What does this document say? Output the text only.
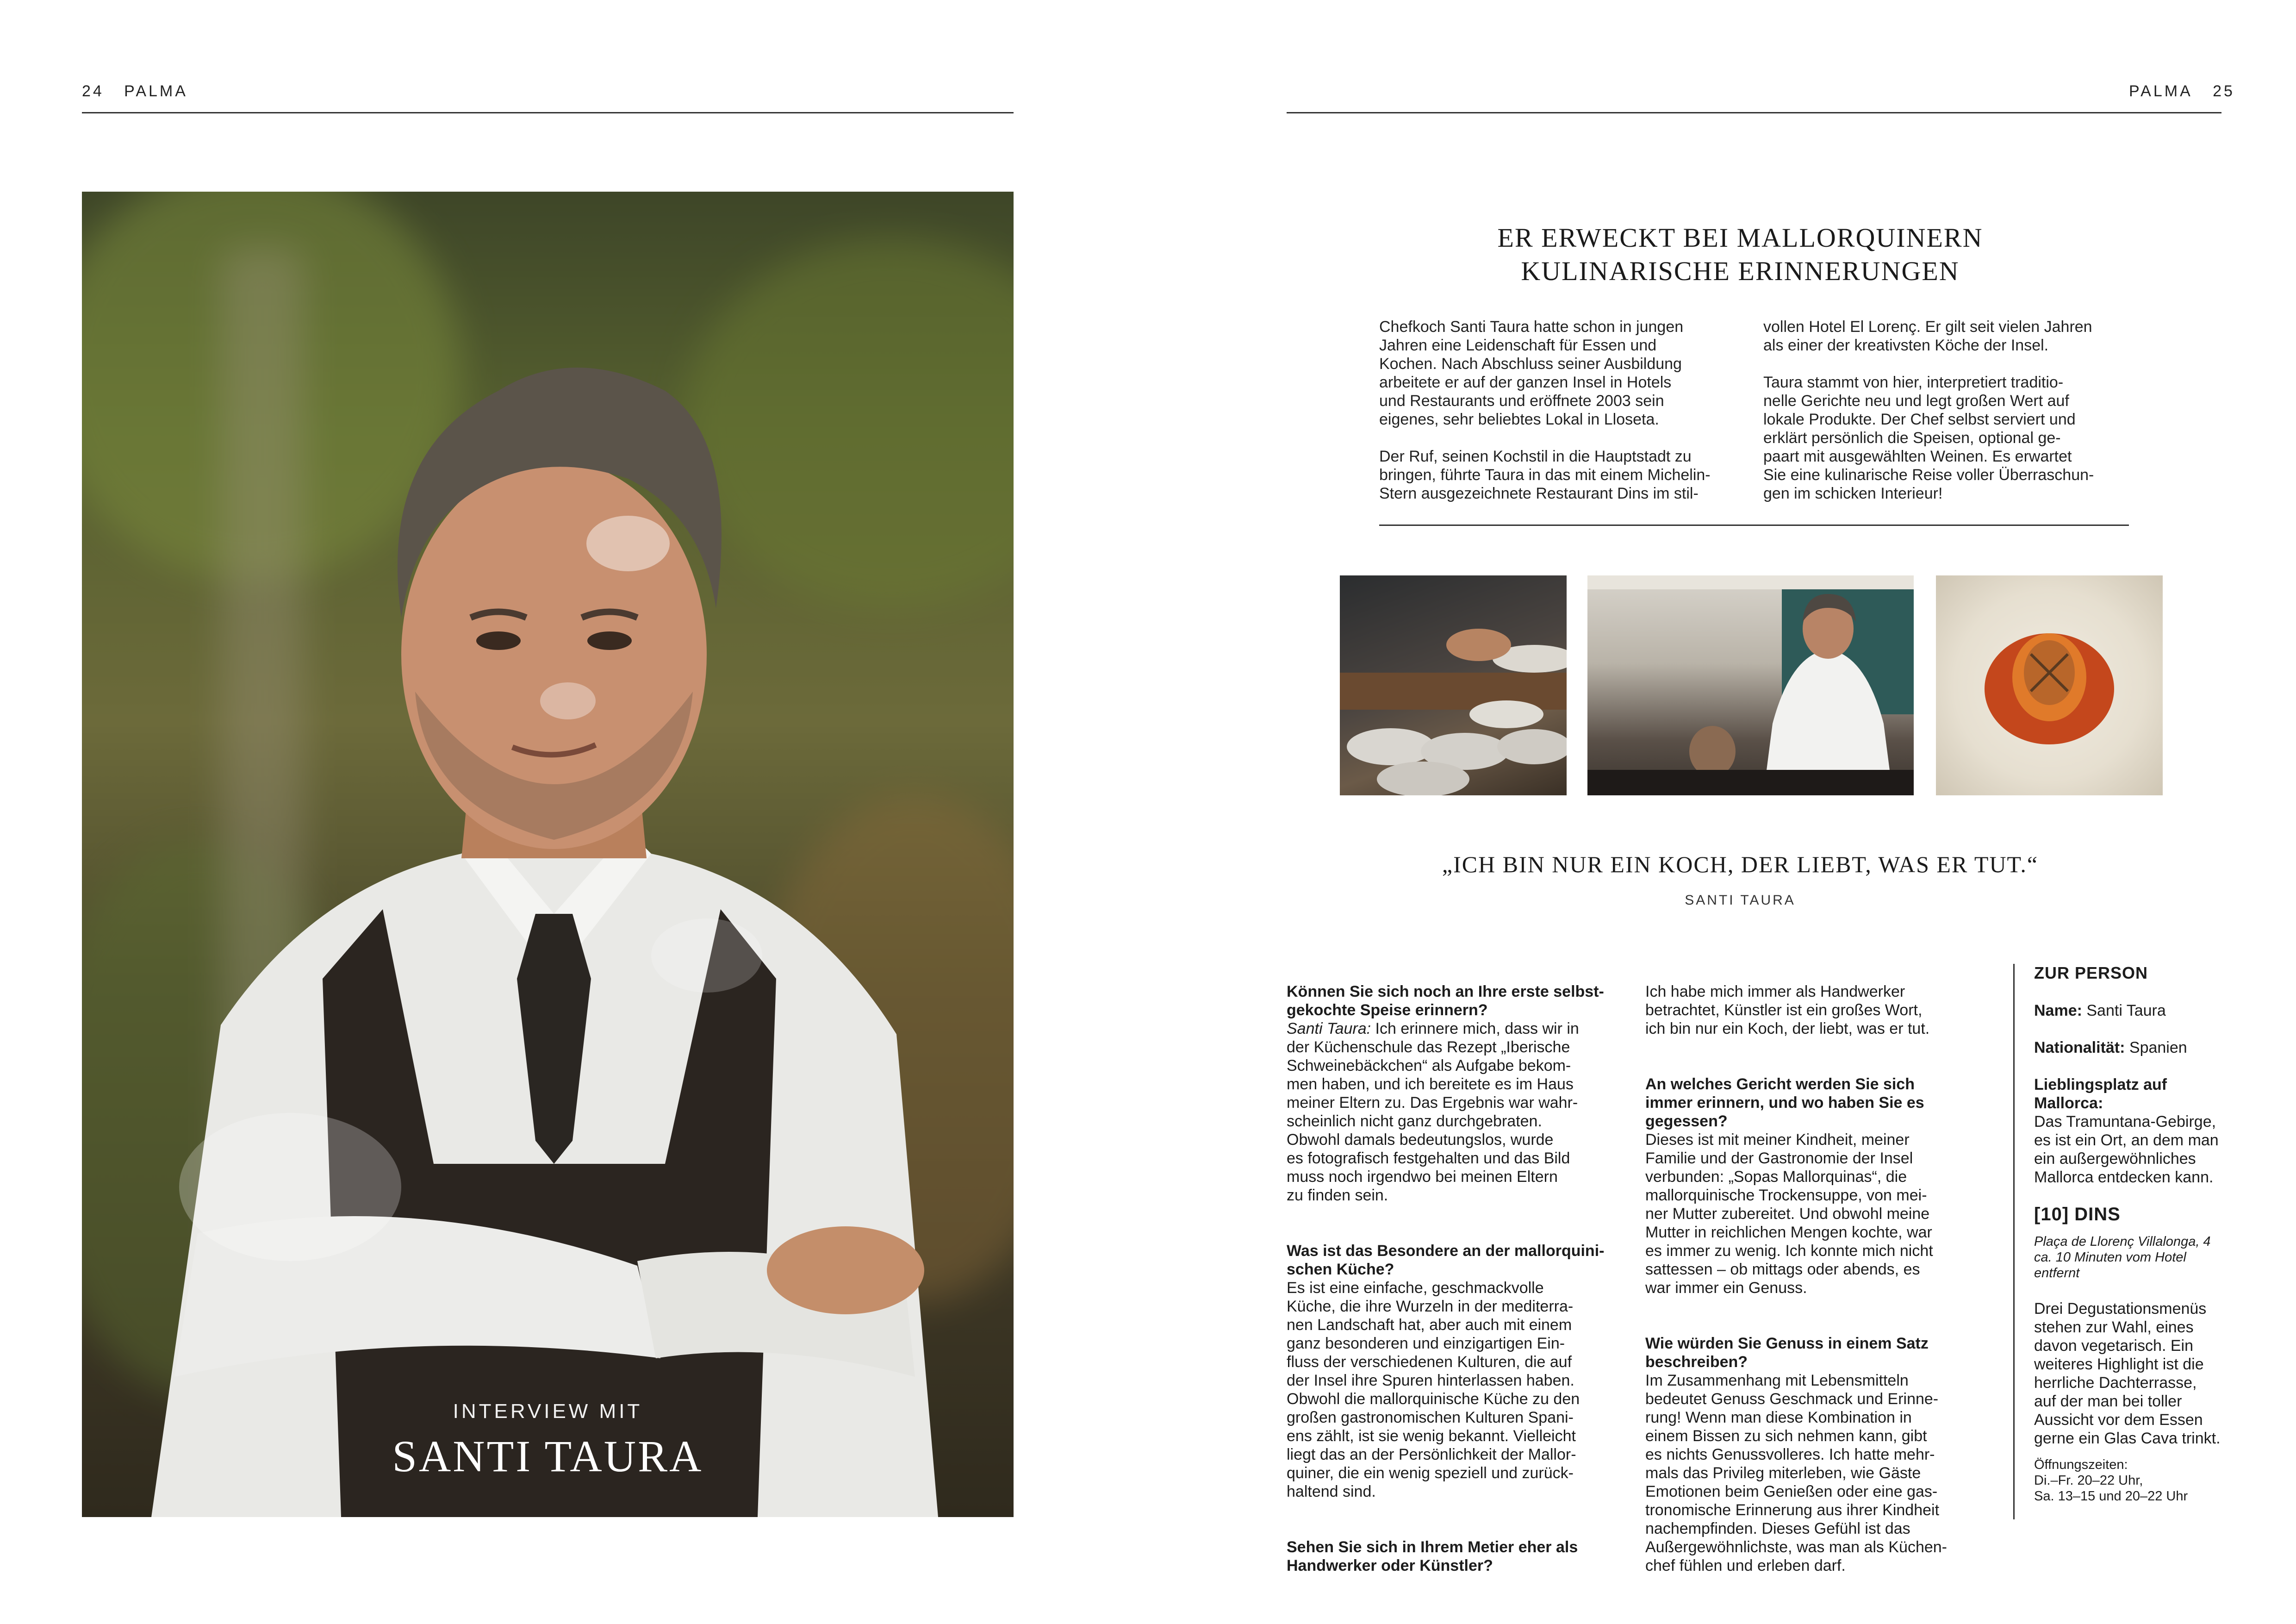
24 PALMA
INTERVIEW MIT
SANTI TAURA
PALMA 25
ER ERWECKT BEI MALLORQUINERN
KULINARISCHE ERINNERUNGEN
Chefkoch Santi Taura hatte schon in jungen
Jahren eine Leidenschaft für Essen und
Kochen. Nach Abschluss seiner Ausbildung
arbeitete er auf der ganzen Insel in Hotels
und Restaurants und eröffnete 2003 sein
eigenes, sehr beliebtes Lokal in Lloseta.

Der Ruf, seinen Kochstil in die Hauptstadt zu
bringen, führte Taura in das mit einem Michelin-
Stern ausgezeichnete Restaurant Dins im stil-
vollen Hotel El Lorenç. Er gilt seit vielen Jahren
als einer der kreativsten Köche der Insel.

Taura stammt von hier, interpretiert traditio-
nelle Gerichte neu und legt großen Wert auf
lokale Produkte. Der Chef selbst serviert und
erklärt persönlich die Speisen, optional ge-
paart mit ausgewählten Weinen. Es erwartet
Sie eine kulinarische Reise voller Überraschun-
gen im schicken Interieur!
„ICH BIN NUR EIN KOCH, DER LIEBT, WAS ER TUT.“
SANTI TAURA

Können Sie sich noch an Ihre erste selbst-
gekochte Speise erinnern?
Santi Taura: Ich erinnere mich, dass wir in
der Küchenschule das Rezept „Iberische
Schweinebäckchen“ als Aufgabe bekom-
men haben, und ich bereitete es im Haus
meiner Eltern zu. Das Ergebnis war wahr-
scheinlich nicht ganz durchgebraten.
Obwohl damals bedeutungslos, wurde
es fotografisch festgehalten und das Bild
muss noch irgendwo bei meinen Eltern
zu finden sein.

Was ist das Besondere an der mallorquini-
schen Küche?
Es ist eine einfache, geschmackvolle
Küche, die ihre Wurzeln in der mediterra-
nen Landschaft hat, aber auch mit einem
ganz besonderen und einzigartigen Ein-
fluss der verschiedenen Kulturen, die auf
der Insel ihre Spuren hinterlassen haben.
Obwohl die mallorquinische Küche zu den
großen gastronomischen Kulturen Spani-
ens zählt, ist sie wenig bekannt. Vielleicht
liegt das an der Persönlichkeit der Mallor-
quiner, die ein wenig speziell und zurück-
haltend sind.

Sehen Sie sich in Ihrem Metier eher als
Handwerker oder Künstler?

Ich habe mich immer als Handwerker
betrachtet, Künstler ist ein großes Wort,
ich bin nur ein Koch, der liebt, was er tut.

An welches Gericht werden Sie sich
immer erinnern, und wo haben Sie es
gegessen?
Dieses ist mit meiner Kindheit, meiner
Familie und der Gastronomie der Insel
verbunden: „Sopas Mallorquinas“, die
mallorquinische Trockensuppe, von mei-
ner Mutter zubereitet. Und obwohl meine
Mutter in reichlichen Mengen kochte, war
es immer zu wenig. Ich konnte mich nicht
sattessen – ob mittags oder abends, es
war immer ein Genuss.

Wie würden Sie Genuss in einem Satz
beschreiben?
Im Zusammenhang mit Lebensmitteln
bedeutet Genuss Geschmack und Erinne-
rung! Wenn man diese Kombination in
einem Bissen zu sich nehmen kann, gibt
es nichts Genussvolleres. Ich hatte mehr-
mals das Privileg miterleben, wie Gäste
Emotionen beim Genießen oder eine gas-
tronomische Erinnerung aus ihrer Kindheit
nachempfinden. Dieses Gefühl ist das
Außergewöhnlichste, was man als Küchen-
chef fühlen und erleben darf.

ZUR PERSON

Name: Santi Taura

Nationalität: Spanien

Lieblingsplatz auf
Mallorca:
Das Tramuntana-Gebirge,
es ist ein Ort, an dem man
ein außergewöhnliches
Mallorca entdecken kann.

[10] DINS

Plaça de Llorenç Villalonga, 4
ca. 10 Minuten vom Hotel
entfernt

Drei Degustationsmenüs
stehen zur Wahl, eines
davon vegetarisch. Ein
weiteres Highlight ist die
herrliche Dachterrasse,
auf der man bei toller
Aussicht vor dem Essen
gerne ein Glas Cava trinkt.

Öffnungszeiten:
Di.–Fr. 20–22 Uhr,
Sa. 13–15 und 20–22 Uhr
